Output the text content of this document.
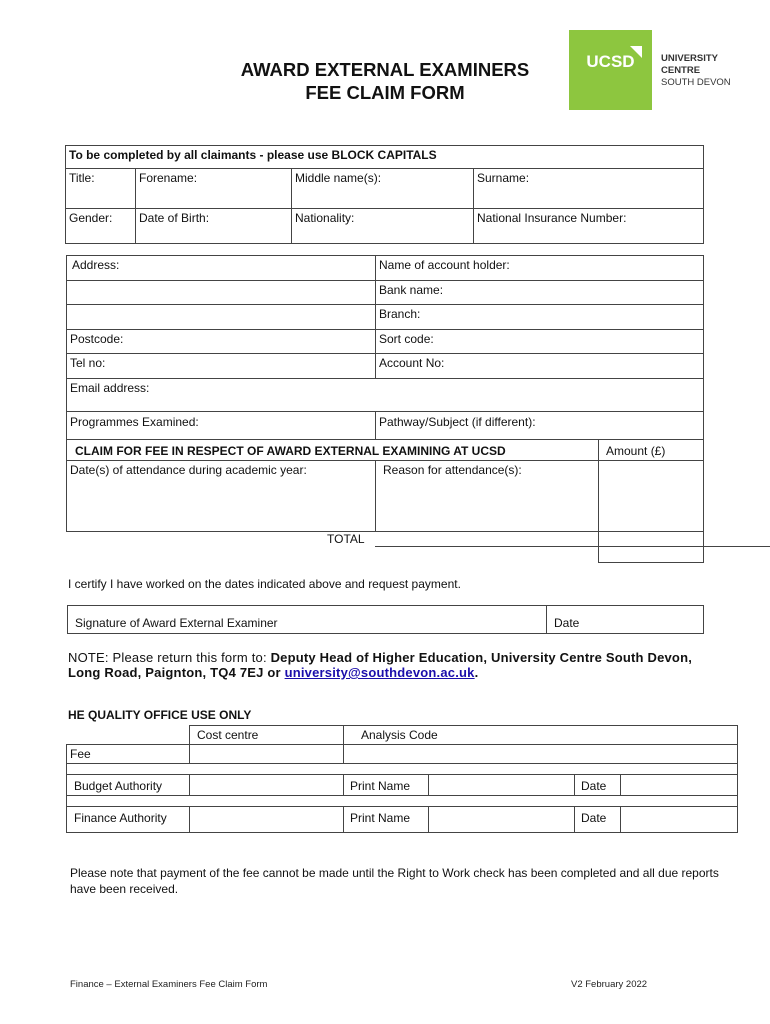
AWARD EXTERNAL EXAMINERS
FEE CLAIM FORM
UCSD	UNIVERSITY
CENTRE
SOUTH DEVON
To be completed by all claimants - please use BLOCK CAPITALS			
Title:	Forename:	Middle name(s):	Surname:
Gender:	Date of Birth:	Nationality:	National Insurance Number:
Address:	Name of account holder:
	Bank name:
	Branch:
Postcode:	Sort code:
Tel no:	Account No:
Email address:	
Programmes Examined:	Pathway/Subject (if different):
CLAIM FOR FEE IN RESPECT OF AWARD EXTERNAL EXAMINING AT UCSD		Amount (£)
Date(s) of attendance during academic year:	Reason for attendance(s):	

TOTAL
I certify I have worked on the dates indicated above and request payment.
Signature of Award External Examiner	Date
NOTE: Please return this form to: Deputy Head of Higher Education, University Centre South Devon, Long Road, Paignton, TQ4 7EJ or university@southdevon.ac.uk.
HE QUALITY OFFICE USE ONLY
	Cost centre	Analysis Code			
Fee					

Budget Authority		Print Name		Date	

Finance Authority		Print Name		Date	
Please note that payment of the fee cannot be made until the Right to Work check has been completed and all due reports have been received.
Finance – External Examiners Fee Claim Form	V2 February 2022
